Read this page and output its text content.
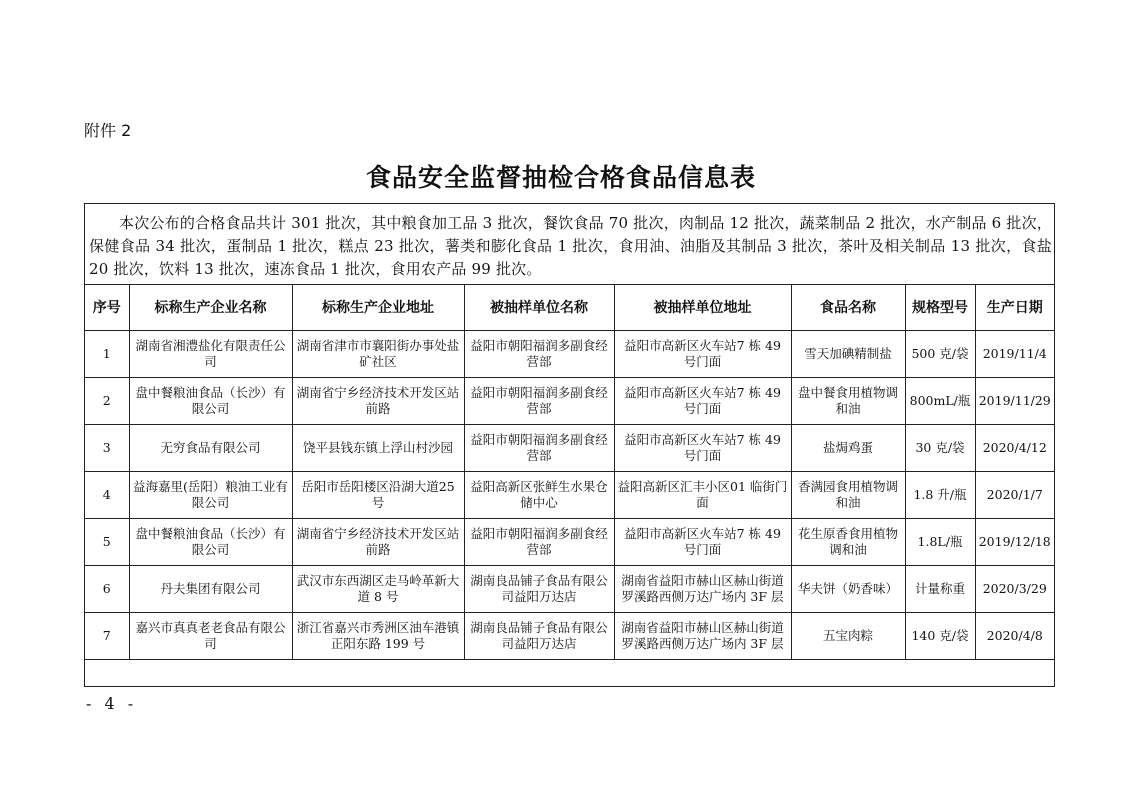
附件 2
食品安全监督抽检合格食品信息表
本次公布的合格食品共计 301 批次，其中粮食加工品 3 批次，餐饮食品 70 批次，肉制品 12 批次，蔬菜制品 2 批次，水产制品 6 批次，保健食品 34 批次，蛋制品 1 批次，糕点 23 批次，薯类和膨化食品 1 批次，食用油、油脂及其制品 3 批次，茶叶及相关制品 13 批次，食盐 20 批次，饮料 13 批次，速冻食品 1 批次，食用农产品 99 批次。
序号	标称生产企业名称	标称生产企业地址	被抽样单位名称	被抽样单位地址	食品名称	规格型号	生产日期
1	湖南省湘澧盐化有限责任公司	湖南省津市市襄阳街办事处盐矿社区	益阳市朝阳福润多副食经营部	益阳市高新区火车站7 栋 49 号门面	雪天加碘精制盐	500 克/袋	2019/11/4
2	盘中餐粮油食品（长沙）有限公司	湖南省宁乡经济技术开发区站前路	益阳市朝阳福润多副食经营部	益阳市高新区火车站7 栋 49 号门面	盘中餐食用植物调和油	800mL/瓶	2019/11/29
3	无穷食品有限公司	饶平县钱东镇上浮山村沙园	益阳市朝阳福润多副食经营部	益阳市高新区火车站7 栋 49 号门面	盐焗鸡蛋	30 克/袋	2020/4/12
4	益海嘉里(岳阳）粮油工业有限公司	岳阳市岳阳楼区沿湖大道25 号	益阳高新区张鲜生水果仓储中心	益阳高新区汇丰小区01 临街门面	香满园食用植物调和油	1.8 升/瓶	2020/1/7
5	盘中餐粮油食品（长沙）有限公司	湖南省宁乡经济技术开发区站前路	益阳市朝阳福润多副食经营部	益阳市高新区火车站7 栋 49 号门面	花生原香食用植物调和油	1.8L/瓶	2019/12/18
6	丹夫集团有限公司	武汉市东西湖区走马岭革新大道 8 号	湖南良品铺子食品有限公司益阳万达店	湖南省益阳市赫山区赫山街道罗溪路西侧万达广场内 3F 层	华夫饼（奶香味）	计量称重	2020/3/29
7	嘉兴市真真老老食品有限公司	浙江省嘉兴市秀洲区油车港镇正阳东路 199 号	湖南良品铺子食品有限公司益阳万达店	湖南省益阳市赫山区赫山街道罗溪路西侧万达广场内 3F 层	五宝肉粽	140 克/袋	2020/4/8
- 4 -
